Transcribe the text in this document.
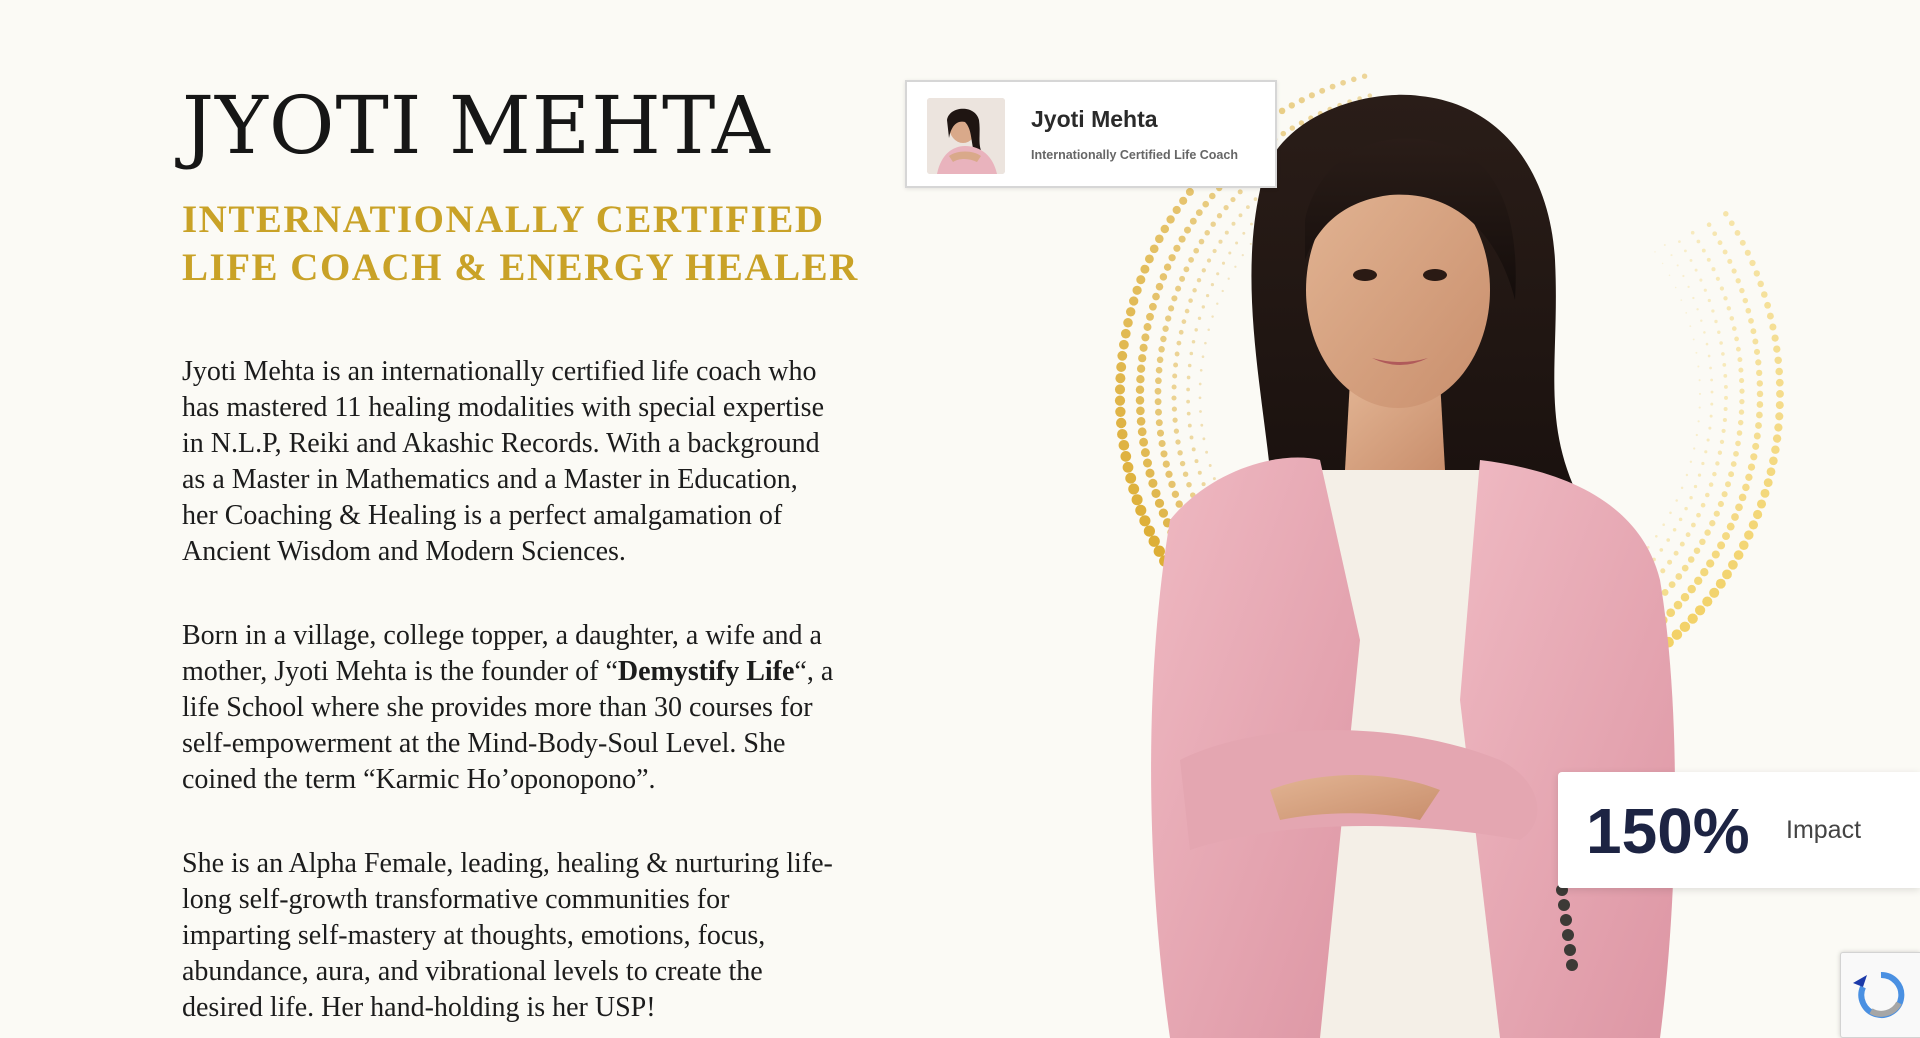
JYOTI MEHTA
INTERNATIONALLY CERTIFIED
LIFE COACH & ENERGY HEALER

Jyoti Mehta is an internationally certified life coach who
has mastered 11 healing modalities with special expertise
in N.L.P, Reiki and Akashic Records. With a background
as a Master in Mathematics and a Master in Education,
her Coaching & Healing is a perfect amalgamation of
Ancient Wisdom and Modern Sciences.

Born in a village, college topper, a daughter, a wife and a
mother, Jyoti Mehta is the founder of “Demystify Life“, a
life School where she provides more than 30 courses for
self-empowerment at the Mind-Body-Soul Level. She
coined the term “Karmic Ho’oponopono”.

She is an Alpha Female, leading, healing & nurturing life-
long self-growth transformative communities for
imparting self-mastery at thoughts, emotions, focus,
abundance, aura, and vibrational levels to create the
desired life. Her hand-holding is her USP!

Jyoti Mehta
Internationally Certified Life Coach
150% Impact
